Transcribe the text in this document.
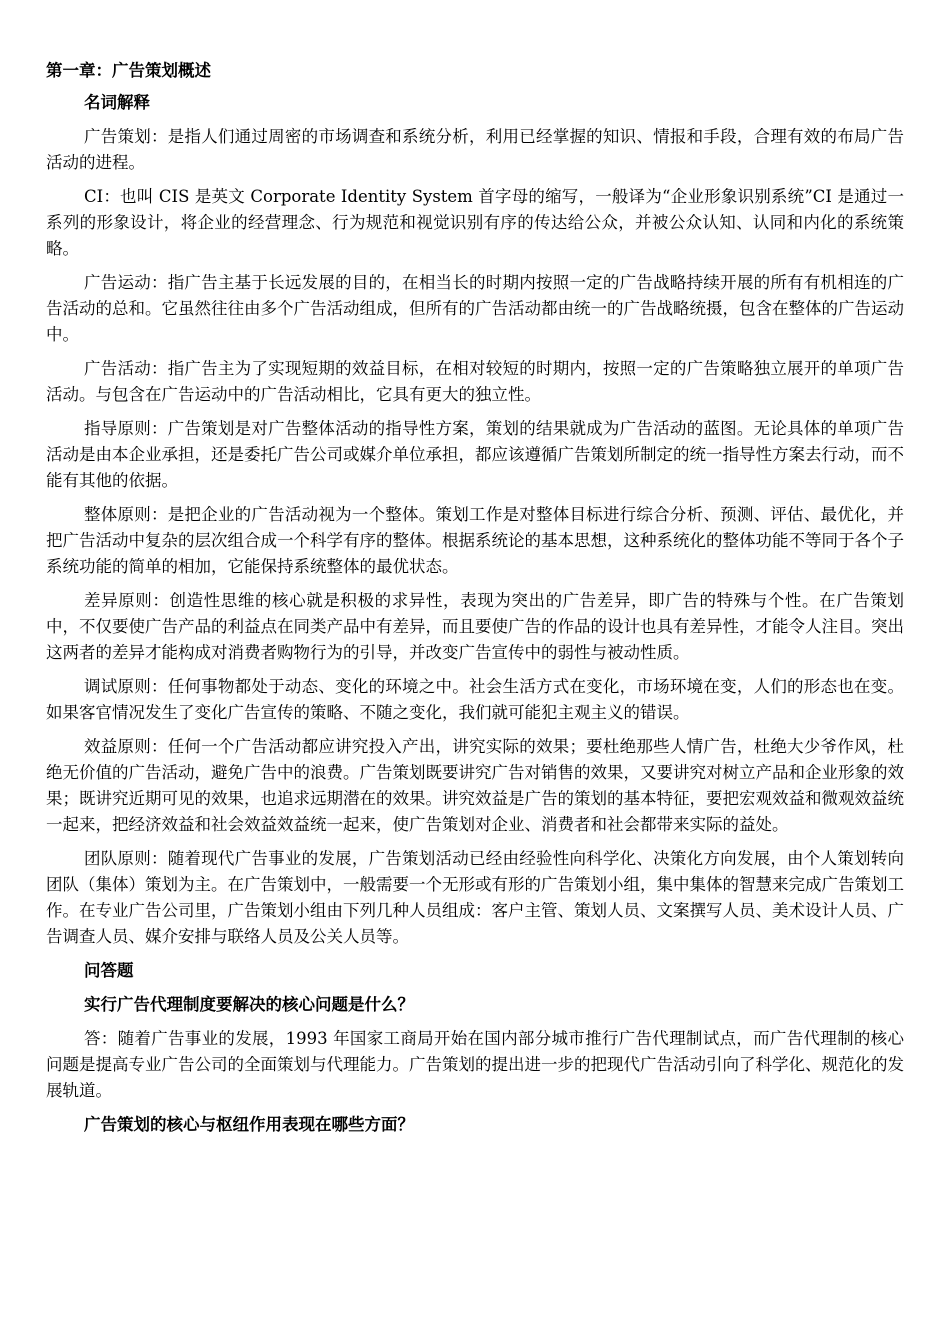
第一章：广告策划概述
名词解释

广告策划：是指人们通过周密的市场调查和系统分析，利用已经掌握的知识、情报和手段，合理有效的布局广告活动的进程。

CI：也叫 CIS 是英文 Corporate Identity System 首字母的缩写，一般译为“企业形象识别系统”CI 是通过一系列的形象设计，将企业的经营理念、行为规范和视觉识别有序的传达给公众，并被公众认知、认同和内化的系统策略。

广告运动：指广告主基于长远发展的目的，在相当长的时期内按照一定的广告战略持续开展的所有有机相连的广告活动的总和。它虽然往往由多个广告活动组成，但所有的广告活动都由统一的广告战略统摄，包含在整体的广告运动中。

广告活动：指广告主为了实现短期的效益目标，在相对较短的时期内，按照一定的广告策略独立展开的单项广告活动。与包含在广告运动中的广告活动相比，它具有更大的独立性。

指导原则：广告策划是对广告整体活动的指导性方案，策划的结果就成为广告活动的蓝图。无论具体的单项广告活动是由本企业承担，还是委托广告公司或媒介单位承担，都应该遵循广告策划所制定的统一指导性方案去行动，而不能有其他的依据。

整体原则：是把企业的广告活动视为一个整体。策划工作是对整体目标进行综合分析、预测、评估、最优化，并把广告活动中复杂的层次组合成一个科学有序的整体。根据系统论的基本思想，这种系统化的整体功能不等同于各个子系统功能的简单的相加，它能保持系统整体的最优状态。

差异原则：创造性思维的核心就是积极的求异性，表现为突出的广告差异，即广告的特殊与个性。在广告策划中，不仅要使广告产品的利益点在同类产品中有差异，而且要使广告的作品的设计也具有差异性，才能令人注目。突出这两者的差异才能构成对消费者购物行为的引导，并改变广告宣传中的弱性与被动性质。

调试原则：任何事物都处于动态、变化的环境之中。社会生活方式在变化，市场环境在变，人们的形态也在变。如果客官情况发生了变化广告宣传的策略、不随之变化，我们就可能犯主观主义的错误。

效益原则：任何一个广告活动都应讲究投入产出，讲究实际的效果；要杜绝那些人情广告，杜绝大少爷作风，杜绝无价值的广告活动，避免广告中的浪费。广告策划既要讲究广告对销售的效果，又要讲究对树立产品和企业形象的效果；既讲究近期可见的效果，也追求远期潜在的效果。讲究效益是广告的策划的基本特征，要把宏观效益和微观效益统一起来，把经济效益和社会效益效益统一起来，使广告策划对企业、消费者和社会都带来实际的益处。

团队原则：随着现代广告事业的发展，广告策划活动已经由经验性向科学化、决策化方向发展，由个人策划转向团队（集体）策划为主。在广告策划中，一般需要一个无形或有形的广告策划小组，集中集体的智慧来完成广告策划工作。在专业广告公司里，广告策划小组由下列几种人员组成：客户主管、策划人员、文案撰写人员、美术设计人员、广告调查人员、媒介安排与联络人员及公关人员等。

问答题
实行广告代理制度要解决的核心问题是什么？

答：随着广告事业的发展，1993 年国家工商局开始在国内部分城市推行广告代理制试点，而广告代理制的核心问题是提高专业广告公司的全面策划与代理能力。广告策划的提出进一步的把现代广告活动引向了科学化、规范化的发展轨道。

广告策划的核心与枢纽作用表现在哪些方面？
